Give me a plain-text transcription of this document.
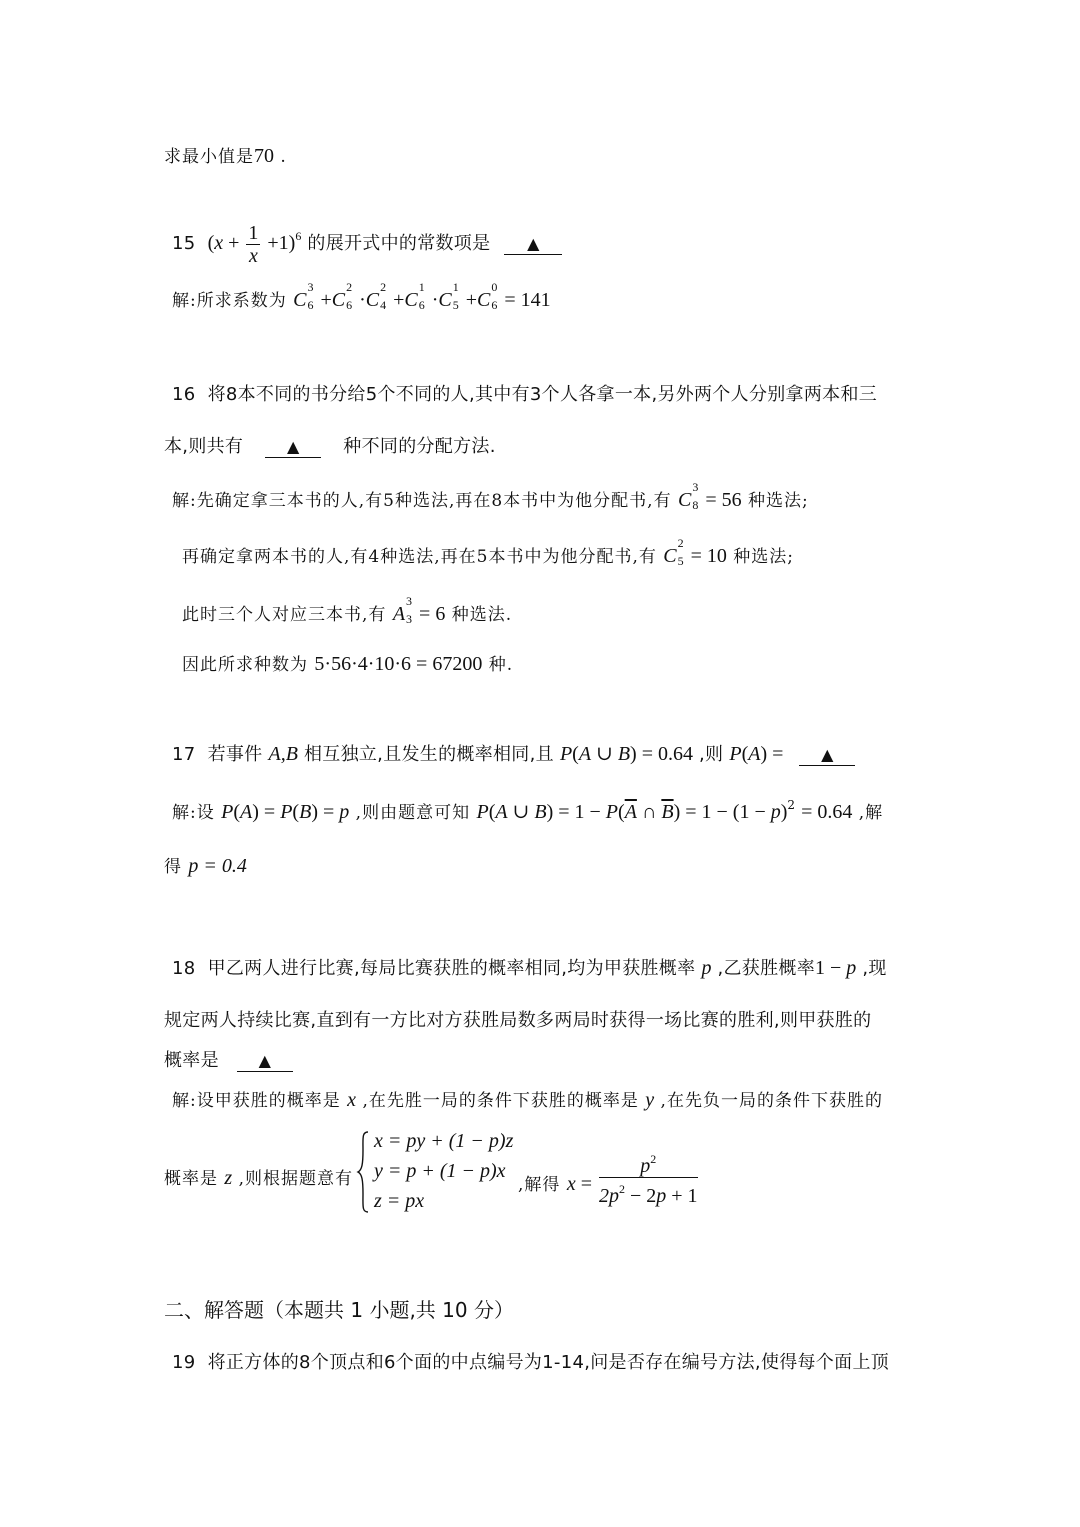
求最小值是70 .
15 $(x + \frac{1}{x} +1)^6$ 的展开式中的常数项是 ▲
解:所求系数为 C
3
6 +C
2
6 ·C
2
4 +C
1
6 ·C
1
5 +C
0
6 = 141
16 将8本不同的书分给5个不同的人,其中有3个人各拿一本,另外两个人分别拿两本和三
本,则共有	▲ 种不同的分配方法.
解:先确定拿三本书的人,有5种选法,再在8本书中为他分配书,有 C
3
8 = 56 种选法;
再确定拿两本书的人,有4种选法,再在5本书中为他分配书,有 C
2
5 = 10 种选法;
此时三个人对应三本书,有 A
3
3 = 6 种选法.
因此所求种数为 5·56·4·10·6 = 67200 种.
17 若事件 A,B 相互独立,且发生的概率相同,且 P(A ∪ B) = 0.64 ,则 P(A) = ▲
解:设 P(A) = P(B) = p ,则由题意可知 P(A ∪ $B) = 1 - P(\overline{A}$ ∩ $\overline{B}) = 1 - (1 - p)^2 = 0.64$ ,解
得 p = 0.4
18 甲乙两人进行比赛,每局比赛获胜的概率相同,均为甲获胜概率 p ,乙获胜概率1 − p ,现
规定两人持续比赛,直到有一方比对方获胜局数多两局时获得一场比赛的胜利,则甲获胜的
概率是 ▲
解:设甲获胜的概率是 x ,在先胜一局的条件下获胜的概率是 y ,在先负一局的条件下获胜的
概率是 z ,则根据题意有
x = py + (1 − p)z
y = p + (1 − p)x
z = px
,解得 $x = \frac{p^2}{2p^2 - 2p + 1}$
二、解答题（本题共 1 小题,共 10 分）
19 将正方体的8个顶点和6个面的中点编号为1-14,问是否存在编号方法,使得每个面上顶
